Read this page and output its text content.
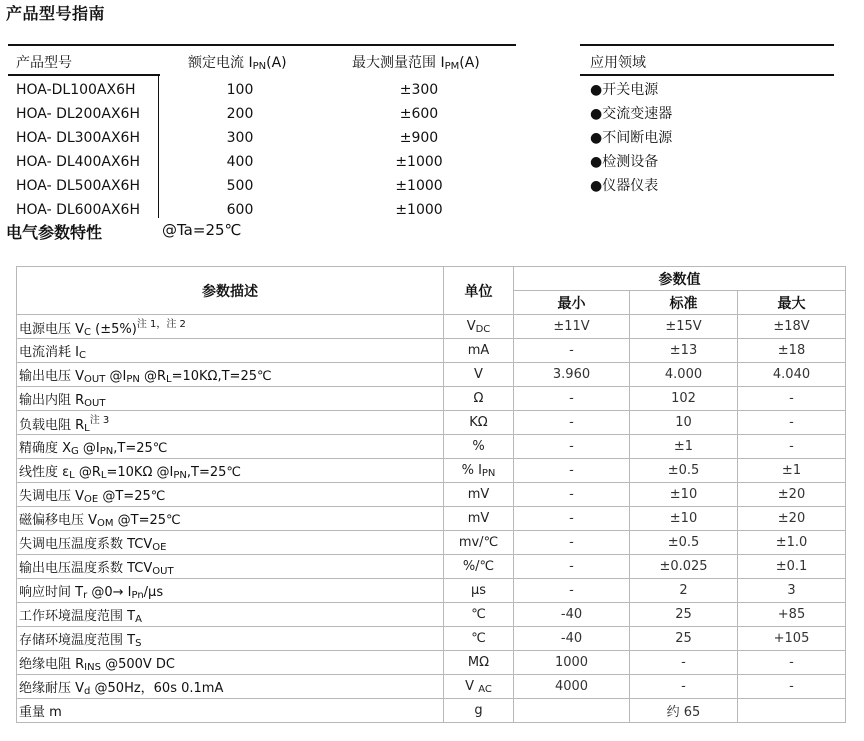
产品型号指南
产品型号	额定电流 $I_{PN}(A)$	最大测量范围 $I_{PM}(A)$
HOA-DL100AX6H	100	±300
HOA- DL200AX6H	200	±600
HOA- DL300AX6H	300	±900
HOA- DL400AX6H	400	±1000
HOA- DL500AX6H	500	±1000
HOA- DL600AX6H	600	±1000
应用领域
●开关电源
●交流变速器
●不间断电源
●检测设备
●仪器仪表
电气参数特性	@Ta=25℃
参数描述	单位	参数值		
		最小	标准	最大
电源电压 $V_C$ $(\pm 5\%)^{注 1,注 2}$	$V_{DC}$	±11V	±15V	±18V
电流消耗 $I_C$	mA	-	±13	±18
输出电压 $V_{OUT}$ $@I_{PN}$ $@R_L=10K\Omega,T=25℃$	V	3.960	4.000	4.040
输出内阻 $R_{OUT}$	Ω	-	102	-
负载电阻 $R_L^{注 3}$	KΩ	-	10	-
精确度 $X_G$ $@I_{PN},T=25℃$	%	-	±1	-
线性度 $\varepsilon_L$ $@R_L=10K\Omega$ $@I_{PN},T=25℃$	% $I_{PN}$	-	±0.5	±1
失调电压 $V_{OE}$ @T=25℃	mV	-	±10	±20
磁偏移电压 $V_{OM}$ @T=25℃	mV	-	±10	±20
失调电压温度系数 $TCV_{OE}$	mv/℃	-	±0.5	±1.0
输出电压温度系数 $TCV_{OUT}$	%/℃	-	±0.025	±0.1
响应时间 $T_r$ @0→ $I_{Pn}/\mu s$	μs	-	2	3
工作环境温度范围 $T_A$	℃	-40	25	+85
存储环境温度范围 $T_S$	℃	-40	25	+105
绝缘电阻 $R_{INS}$ @500V DC	MΩ	1000	-	-
绝缘耐压 $V_d$ @50Hz，60s 0.1mA	V $_{AC}$	4000	-	-
重量 m	g		约 65	
